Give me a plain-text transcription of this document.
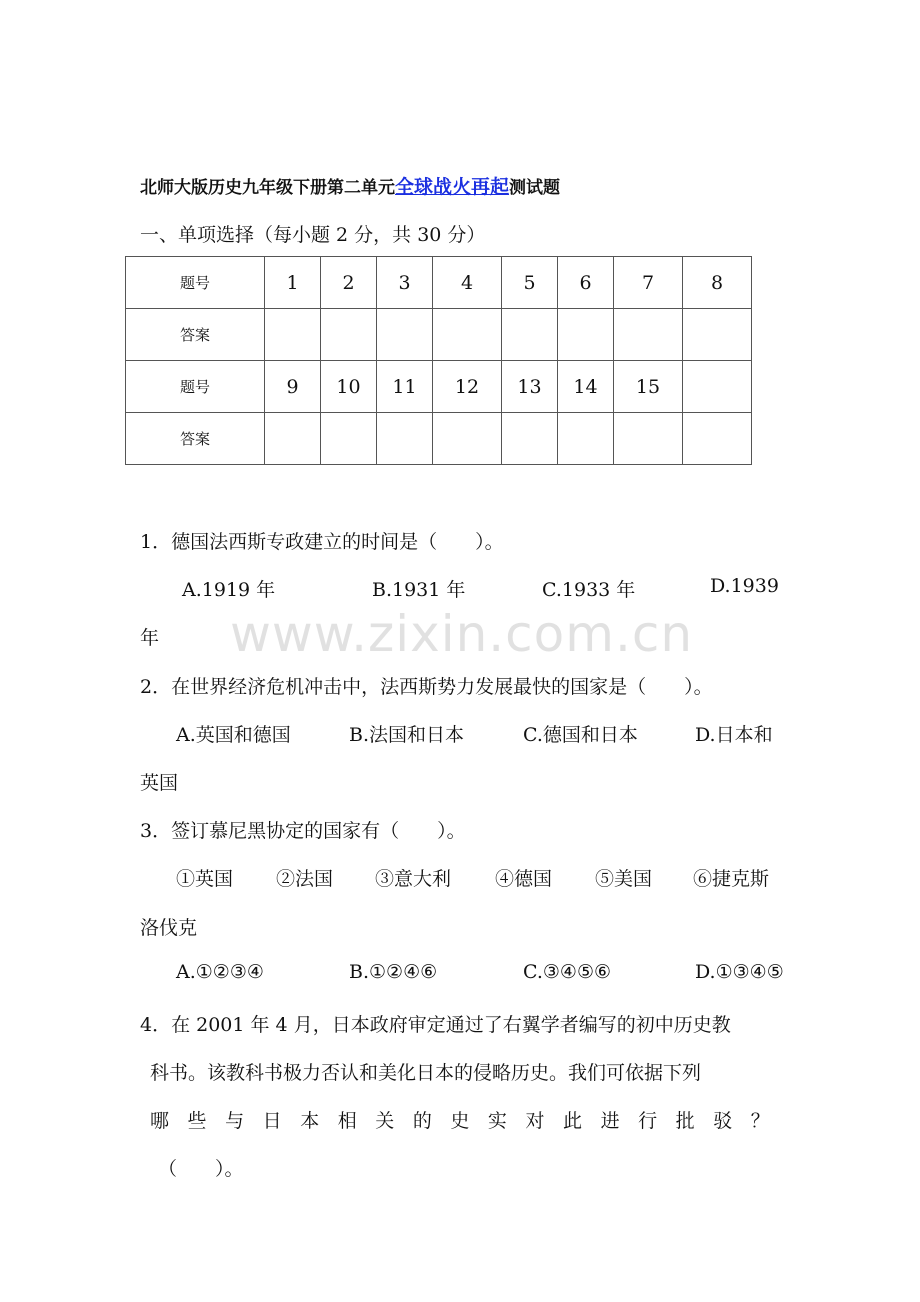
北师大版历史九年级下册第二单元全球战火再起测试题
一、单项选择（每小题 2 分，共 30 分）
题号	1	2	3	4	5	6	7	8
答案								
题号	9	10	11	12	13	14	15	
答案								
www.zixin.com.cn
1．德国法西斯专政建立的时间是（　　）。
A.1919 年	B.1931 年	C.1933 年	D.1939
年
2．在世界经济危机冲击中，法西斯势力发展最快的国家是（　　）。
A.英国和德国	B.法国和日本	C.德国和日本	D.日本和
英国
3．签订慕尼黑协定的国家有（　　）。
①英国 ②法国 ③意大利 ④德国 ⑤美国 ⑥捷克斯
洛伐克
A.①②③④	B.①②④⑥	C.③④⑤⑥	D.①③④⑤
4．在 2001 年 4 月，日本政府审定通过了右翼学者编写的初中历史教
科书。该教科书极力否认和美化日本的侵略历史。我们可依据下列
哪 些 与 日 本 相 关 的 史 实 对 此 进 行 批 驳 ？
（　　）。
